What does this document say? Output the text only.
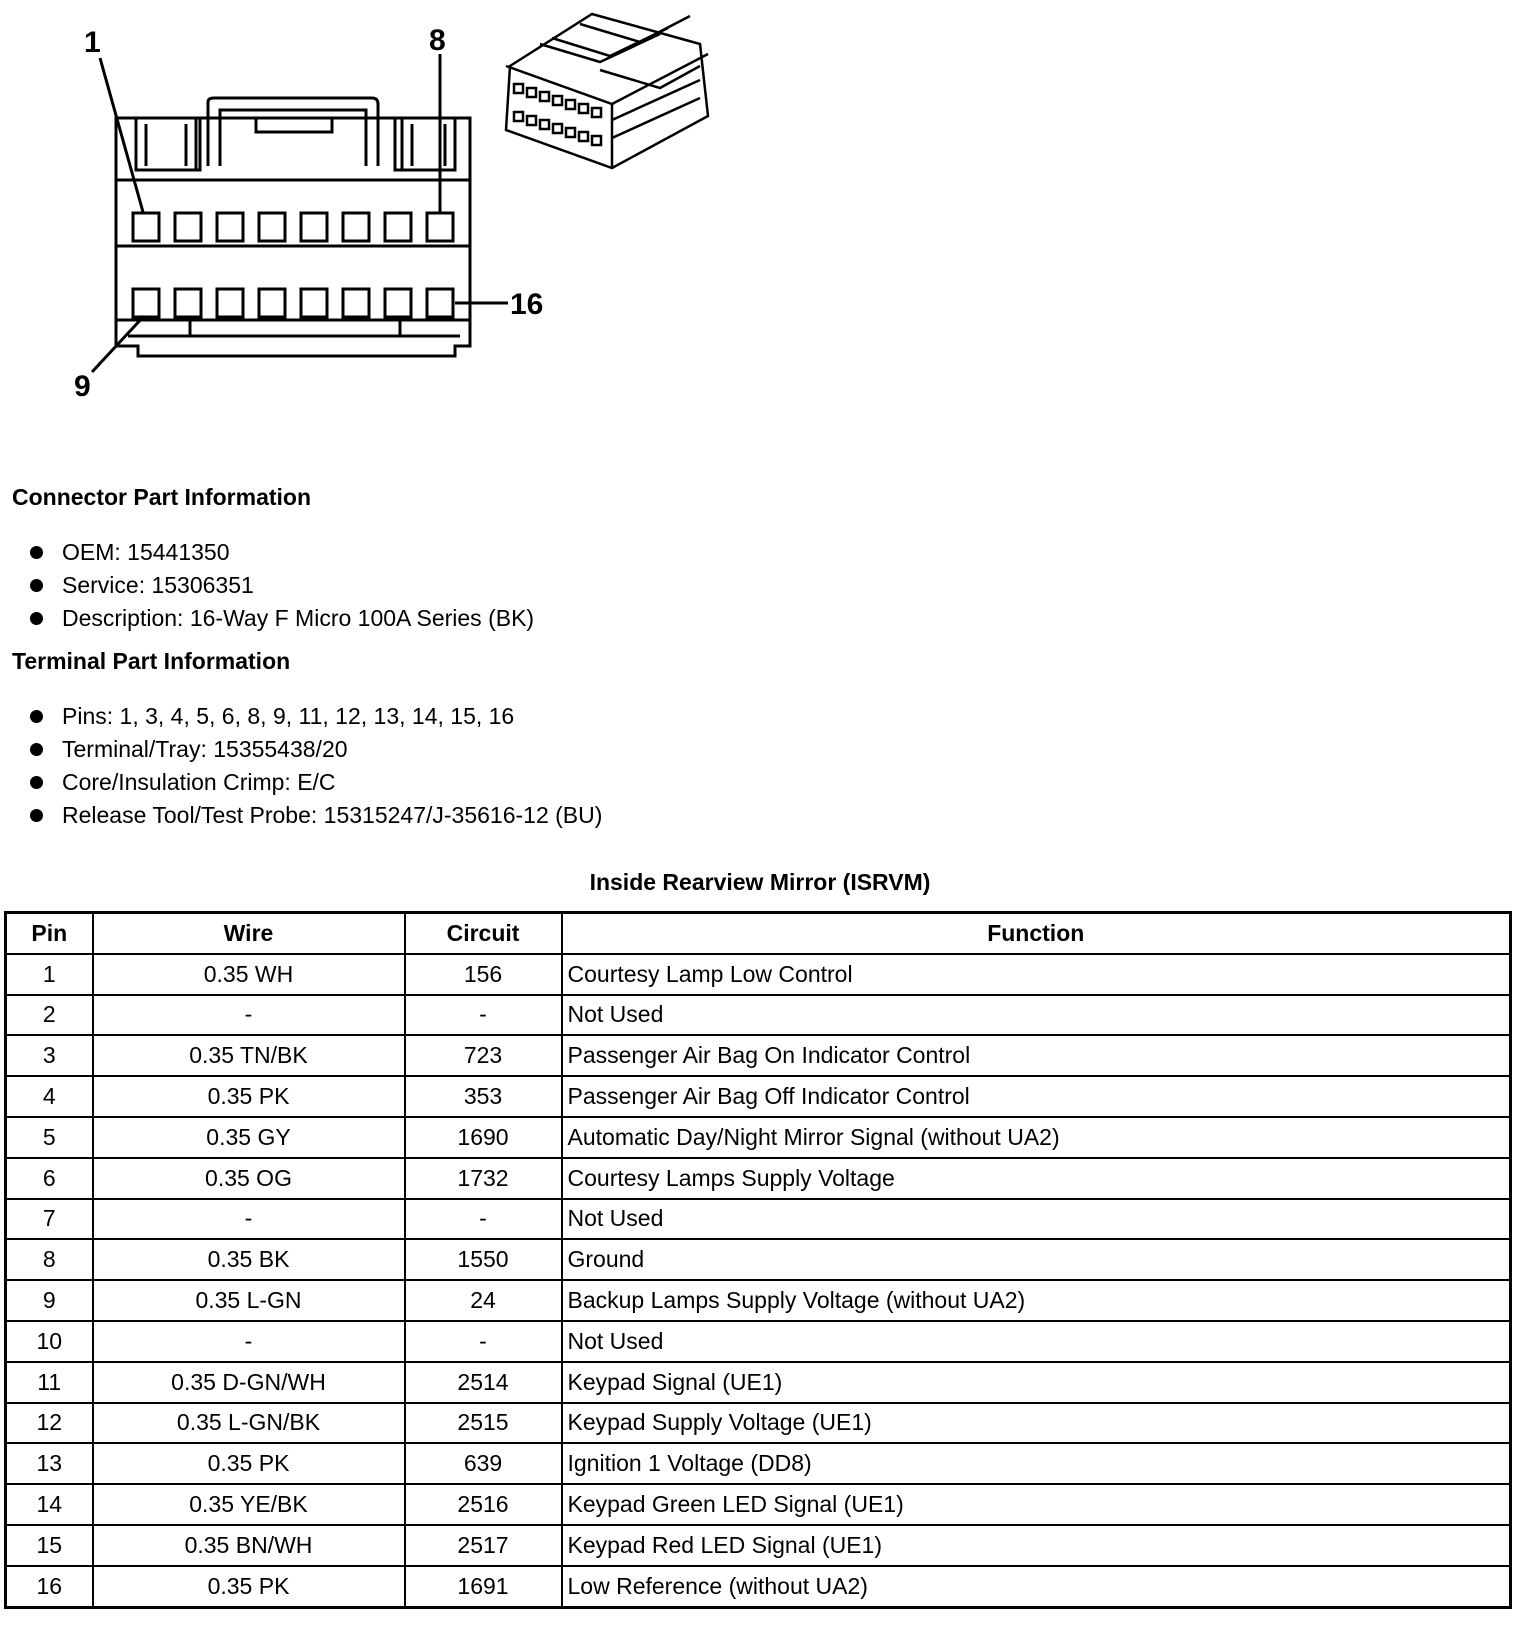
1	8
16
9
Connector Part Information
OEM: 15441350
Service: 15306351
Description: 16-Way F Micro 100A Series (BK)
Terminal Part Information
Pins: 1, 3, 4, 5, 6, 8, 9, 11, 12, 13, 14, 15, 16
Terminal/Tray: 15355438/20
Core/Insulation Crimp: E/C
Release Tool/Test Probe: 15315247/J-35616-12 (BU)
Inside Rearview Mirror (ISRVM)
Pin	Wire	Circuit	Function
1	0.35 WH	156	Courtesy Lamp Low Control
2	-	-	Not Used
3	0.35 TN/BK	723	Passenger Air Bag On Indicator Control
4	0.35 PK	353	Passenger Air Bag Off Indicator Control
5	0.35 GY	1690	Automatic Day/Night Mirror Signal (without UA2)
6	0.35 OG	1732	Courtesy Lamps Supply Voltage
7	-	-	Not Used
8	0.35 BK	1550	Ground
9	0.35 L-GN	24	Backup Lamps Supply Voltage (without UA2)
10	-	-	Not Used
11	0.35 D-GN/WH	2514	Keypad Signal (UE1)
12	0.35 L-GN/BK	2515	Keypad Supply Voltage (UE1)
13	0.35 PK	639	Ignition 1 Voltage (DD8)
14	0.35 YE/BK	2516	Keypad Green LED Signal (UE1)
15	0.35 BN/WH	2517	Keypad Red LED Signal (UE1)
16	0.35 PK	1691	Low Reference (without UA2)
